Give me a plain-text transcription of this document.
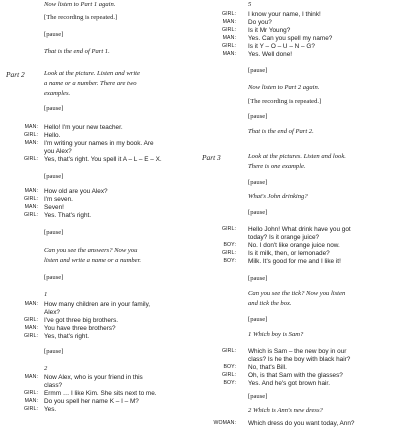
Now listen to Part 1 again.
[The recording is repeated.]
[pause]
That is the end of Part 1.
Part 2	Look at the picture. Listen and write
a name or a number. There are two
examples.
[pause]
MAN: Hello! I'm your new teacher.
GIRL: Hello.
MAN: I'm writing your names in my book. Are
you Alex?
GIRL: Yes, that's right. You spell it A – L – E – X.
[pause]
MAN: How old are you Alex?
GIRL: I'm seven.
MAN: Seven!
GIRL: Yes. That's right.
[pause]
Can you see the answers? Now you
listen and write a name or a number.
[pause]
1
MAN: How many children are in your family,
Alex?
GIRL: I've got three big brothers.
MAN: You have three brothers?
GIRL: Yes, that's right.
[pause]
2
MAN: Now Alex, who is your friend in this
class?
GIRL: Ermm … I like Kim. She sits next to me.
MAN: Do you spell her name K – I – M?
GIRL: Yes.
5
GIRL: I know your name, I think!
MAN: Do you?
GIRL: Is it Mr Young?
MAN: Yes. Can you spell my name?
GIRL: Is it Y – O – U – N – G?
MAN: Yes. Well done!
[pause]
Now listen to Part 2 again.
[The recording is repeated.]
[pause]
That is the end of Part 2.
Part 3	Look at the pictures. Listen and look.
There is one example.
[pause]
What's John drinking?
[pause]
GIRL: Hello John! What drink have you got
today? Is it orange juice?
BOY: No. I don't like orange juice now.
GIRL: Is it milk, then, or lemonade?
BOY: Milk. It's good for me and I like it!
[pause]
Can you see the tick? Now you listen
and tick the box.
[pause]
1 Which boy is Sam?
GIRL: Which is Sam – the new boy in our
class? Is he the boy with black hair?
BOY: No, that's Bill.
GIRL: Oh, is that Sam with the glasses?
BOY: Yes. And he's got brown hair.
[pause]
2 Which is Ann's new dress?
WOMAN: Which dress do you want today, Ann?
